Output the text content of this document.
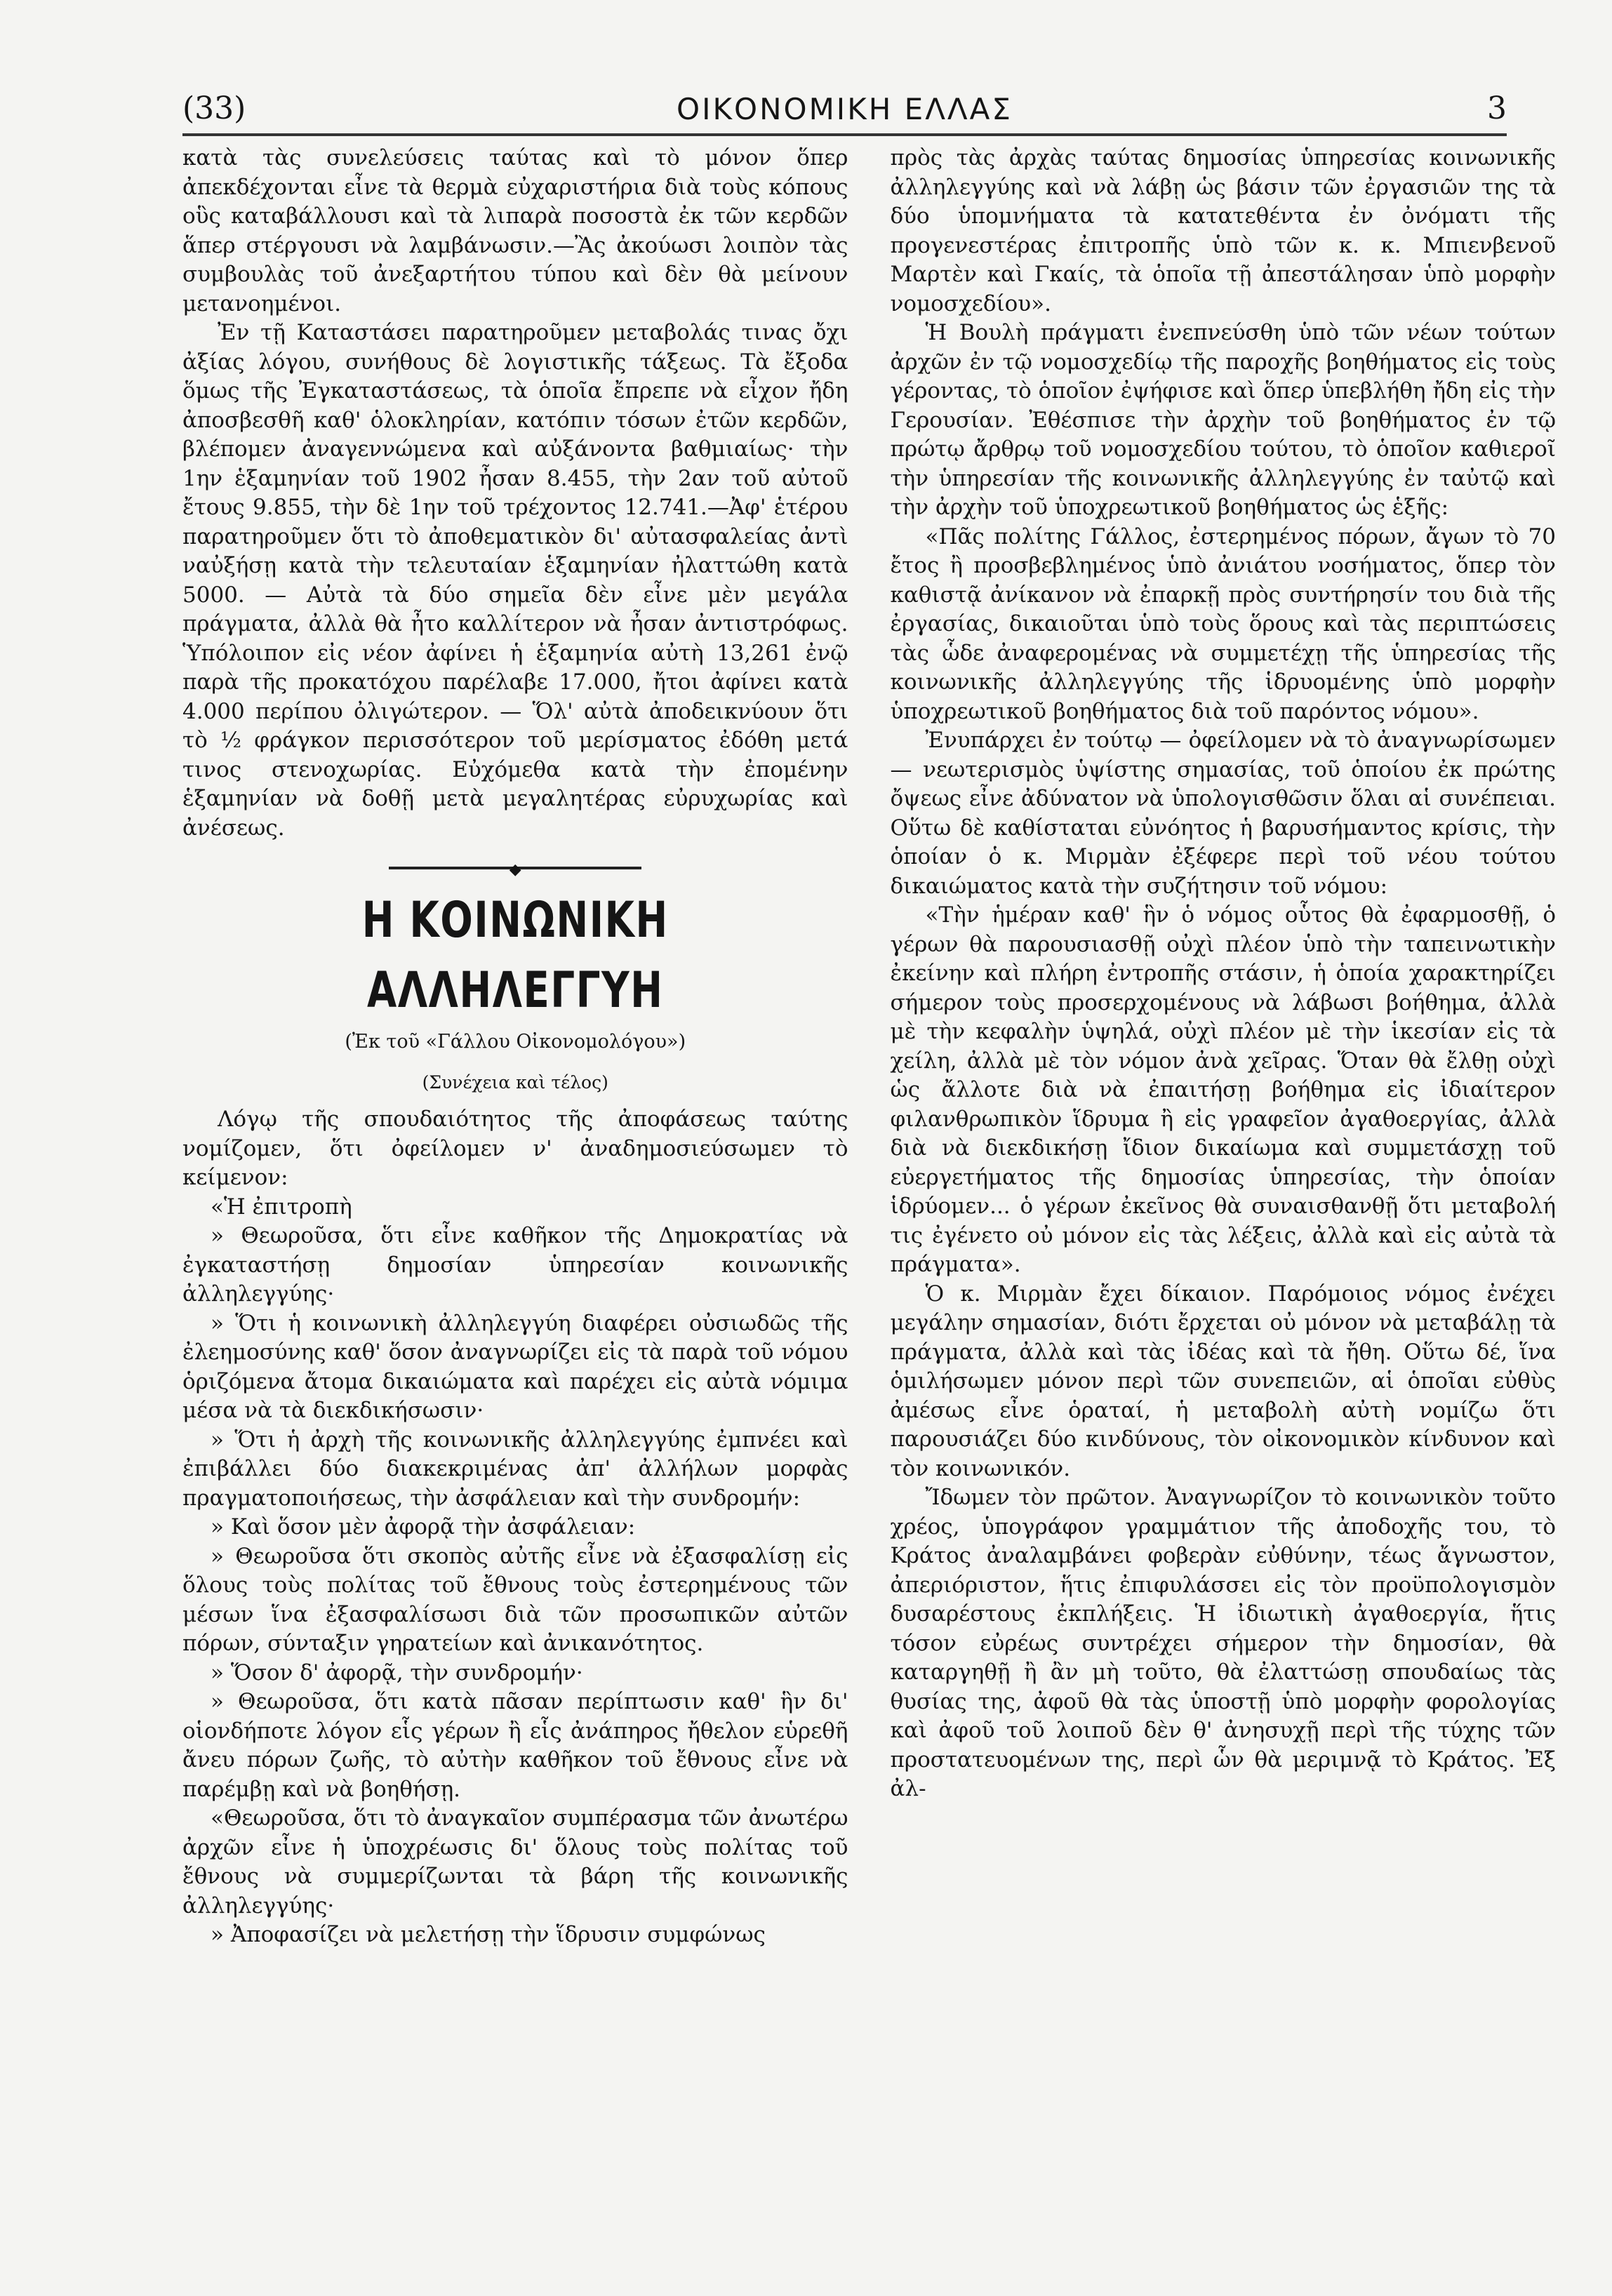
(33)	ΟΙΚΟΝΟΜΙΚΗ ΕΛΛΑΣ	3

κατὰ τὰς συνελεύσεις ταύτας καὶ τὸ μόνον ὅπερ ἀπεκδέχονται εἶνε τὰ θερμὰ εὐχαριστήρια διὰ τοὺς κόπους οὓς καταβάλλουσι καὶ τὰ λιπαρὰ ποσοστὰ ἐκ τῶν κερδῶν ἅπερ στέργουσι νὰ λαμβάνωσιν.—Ἂς ἀκούωσι λοιπὸν τὰς συμβουλὰς τοῦ ἀνεξαρτήτου τύπου καὶ δὲν θὰ μείνουν μετανοημένοι.

Ἐν τῇ Καταστάσει παρατηροῦμεν μεταβολάς τινας ὄχι ἀξίας λόγου, συνήθους δὲ λογιστικῆς τάξεως. Τὰ ἔξοδα ὅμως τῆς Ἐγκαταστάσεως, τὰ ὁποῖα ἔπρεπε νὰ εἶχον ἤδη ἀποσβεσθῆ καθ' ὁλοκληρίαν, κατόπιν τόσων ἐτῶν κερδῶν, βλέπομεν ἀναγεννώμενα καὶ αὐξάνοντα βαθμιαίως· τὴν 1ην ἑξαμηνίαν τοῦ 1902 ἦσαν 8.455, τὴν 2αν τοῦ αὐτοῦ ἔτους 9.855, τὴν δὲ 1ην τοῦ τρέχοντος 12.741.—Ἀφ' ἑτέρου παρατηροῦμεν ὅτι τὸ ἀποθεματικὸν δι' αὐτασφαλείας ἀντὶ ναὐξήσῃ κατὰ τὴν τελευταίαν ἑξαμηνίαν ἠλαττώθη κατὰ 5000. — Αὐτὰ τὰ δύο σημεῖα δὲν εἶνε μὲν μεγάλα πράγματα, ἀλλὰ θὰ ἦτο καλλίτερον νὰ ἦσαν ἀντιστρόφως. Ὑπόλοιπον εἰς νέον ἀφίνει ἡ ἑξαμηνία αὐτὴ 13,261 ἐνῷ παρὰ τῆς προκατόχου παρέλαβε 17.000, ἤτοι ἀφίνει κατὰ 4.000 περίπου ὀλιγώτερον. — Ὅλ' αὐτὰ ἀποδεικνύουν ὅτι τὸ ½ φράγκον περισσότερον τοῦ μερίσματος ἐδόθη μετά τινος στενοχωρίας. Εὐχόμεθα κατὰ τὴν ἐπομένην ἑξαμηνίαν νὰ δοθῇ μετὰ μεγαλητέρας εὐρυχωρίας καὶ ἀνέσεως.

◆
Η ΚΟΙΝΩΝΙΚΗ ΑΛΛΗΛΕΓΓΥΗ
(Ἐκ τοῦ «Γάλλου Οἰκονομολόγου»)
(Συνέχεια καὶ τέλος)

Λόγῳ τῆς σπουδαιότητος τῆς ἀποφάσεως ταύτης νομίζομεν, ὅτι ὀφείλομεν ν' ἀναδημοσιεύσωμεν τὸ κείμενον:

«Ἡ ἐπιτροπὴ

» Θεωροῦσα, ὅτι εἶνε καθῆκον τῆς Δημοκρατίας νὰ ἐγκαταστήσῃ δημοσίαν ὑπηρεσίαν κοινωνικῆς ἀλληλεγγύης·

» Ὅτι ἡ κοινωνικὴ ἀλληλεγγύη διαφέρει οὐσιωδῶς τῆς ἐλεημοσύνης καθ' ὅσον ἀναγνωρίζει εἰς τὰ παρὰ τοῦ νόμου ὁριζόμενα ἄτομα δικαιώματα καὶ παρέχει εἰς αὐτὰ νόμιμα μέσα νὰ τὰ διεκδικήσωσιν·

» Ὅτι ἡ ἀρχὴ τῆς κοινωνικῆς ἀλληλεγγύης ἐμπνέει καὶ ἐπιβάλλει δύο διακεκριμένας ἀπ' ἀλλήλων μορφὰς πραγματοποιήσεως, τὴν ἀσφάλειαν καὶ τὴν συνδρομήν:

» Καὶ ὅσον μὲν ἀφορᾷ τὴν ἀσφάλειαν:

» Θεωροῦσα ὅτι σκοπὸς αὐτῆς εἶνε νὰ ἐξασφαλίσῃ εἰς ὅλους τοὺς πολίτας τοῦ ἔθνους τοὺς ἐστερημένους τῶν μέσων ἵνα ἐξασφαλίσωσι διὰ τῶν προσωπικῶν αὐτῶν πόρων, σύνταξιν γηρατείων καὶ ἀνικανότητος.

» Ὅσον δ' ἀφορᾷ, τὴν συνδρομήν·

» Θεωροῦσα, ὅτι κατὰ πᾶσαν περίπτωσιν καθ' ἣν δι' οἱονδήποτε λόγον εἷς γέρων ἢ εἷς ἀνάπηρος ἤθελον εὑρεθῆ ἄνευ πόρων ζωῆς, τὸ αὐτὴν καθῆκον τοῦ ἔθνους εἶνε νὰ παρέμβῃ καὶ νὰ βοηθήσῃ.

«Θεωροῦσα, ὅτι τὸ ἀναγκαῖον συμπέρασμα τῶν ἀνωτέρω ἀρχῶν εἶνε ἡ ὑποχρέωσις δι' ὅλους τοὺς πολίτας τοῦ ἔθνους νὰ συμμερίζωνται τὰ βάρη τῆς κοινωνικῆς ἀλληλεγγύης·

» Ἀποφασίζει νὰ μελετήσῃ τὴν ἵδρυσιν συμφώνως

πρὸς τὰς ἀρχὰς ταύτας δημοσίας ὑπηρεσίας κοινωνικῆς ἀλληλεγγύης καὶ νὰ λάβῃ ὡς βάσιν τῶν ἐργασιῶν της τὰ δύο ὑπομνήματα τὰ κατατεθέντα ἐν ὀνόματι τῆς προγενεστέρας ἐπιτροπῆς ὑπὸ τῶν κ. κ. Μπιενβενοῦ Μαρτὲν καὶ Γκαίς, τὰ ὁποῖα τῇ ἀπεστάλησαν ὑπὸ μορφὴν νομοσχεδίου».

Ἡ Βουλὴ πράγματι ἐνεπνεύσθη ὑπὸ τῶν νέων τούτων ἀρχῶν ἐν τῷ νομοσχεδίῳ τῆς παροχῆς βοηθήματος εἰς τοὺς γέροντας, τὸ ὁποῖον ἐψήφισε καὶ ὅπερ ὑπεβλήθη ἤδη εἰς τὴν Γερουσίαν. Ἐθέσπισε τὴν ἀρχὴν τοῦ βοηθήματος ἐν τῷ πρώτῳ ἄρθρῳ τοῦ νομοσχεδίου τούτου, τὸ ὁποῖον καθιεροῖ τὴν ὑπηρεσίαν τῆς κοινωνικῆς ἀλληλεγγύης ἐν ταὐτῷ καὶ τὴν ἀρχὴν τοῦ ὑποχρεωτικοῦ βοηθήματος ὡς ἑξῆς:

«Πᾶς πολίτης Γάλλος, ἐστερημένος πόρων, ἄγων τὸ 70 ἔτος ἢ προσβεβλημένος ὑπὸ ἀνιάτου νοσήματος, ὅπερ τὸν καθιστᾷ ἀνίκανον νὰ ἐπαρκῇ πρὸς συντήρησίν του διὰ τῆς ἐργασίας, δικαιοῦται ὑπὸ τοὺς ὅρους καὶ τὰς περιπτώσεις τὰς ὧδε ἀναφερομένας νὰ συμμετέχῃ τῆς ὑπηρεσίας τῆς κοινωνικῆς ἀλληλεγγύης τῆς ἱδρυομένης ὑπὸ μορφὴν ὑποχρεωτικοῦ βοηθήματος διὰ τοῦ παρόντος νόμου».

Ἐνυπάρχει ἐν τούτῳ — ὀφείλομεν νὰ τὸ ἀναγνωρίσωμεν — νεωτερισμὸς ὑψίστης σημασίας, τοῦ ὁποίου ἐκ πρώτης ὄψεως εἶνε ἀδύνατον νὰ ὑπολογισθῶσιν ὅλαι αἱ συνέπειαι. Οὕτω δὲ καθίσταται εὐνόητος ἡ βαρυσήμαντος κρίσις, τὴν ὁποίαν ὁ κ. Μιρμὰν ἐξέφερε περὶ τοῦ νέου τούτου δικαιώματος κατὰ τὴν συζήτησιν τοῦ νόμου:

«Τὴν ἡμέραν καθ' ἣν ὁ νόμος οὗτος θὰ ἐφαρμοσθῇ, ὁ γέρων θὰ παρουσιασθῇ οὐχὶ πλέον ὑπὸ τὴν ταπεινωτικὴν ἐκείνην καὶ πλήρη ἐντροπῆς στάσιν, ἡ ὁποία χαρακτηρίζει σήμερον τοὺς προσερχομένους νὰ λάβωσι βοήθημα, ἀλλὰ μὲ τὴν κεφαλὴν ὑψηλά, οὐχὶ πλέον μὲ τὴν ἱκεσίαν εἰς τὰ χείλη, ἀλλὰ μὲ τὸν νόμον ἀνὰ χεῖρας. Ὅταν θὰ ἔλθῃ οὐχὶ ὡς ἄλλοτε διὰ νὰ ἐπαιτήσῃ βοήθημα εἰς ἰδιαίτερον φιλανθρωπικὸν ἵδρυμα ἢ εἰς γραφεῖον ἀγαθοεργίας, ἀλλὰ διὰ νὰ διεκδικήσῃ ἴδιον δικαίωμα καὶ συμμετάσχῃ τοῦ εὐεργετήματος τῆς δημοσίας ὑπηρεσίας, τὴν ὁποίαν ἱδρύομεν... ὁ γέρων ἐκεῖνος θὰ συναισθανθῇ ὅτι μεταβολή τις ἐγένετο οὐ μόνον εἰς τὰς λέξεις, ἀλλὰ καὶ εἰς αὐτὰ τὰ πράγματα».

Ὁ κ. Μιρμὰν ἔχει δίκαιον. Παρόμοιος νόμος ἐνέχει μεγάλην σημασίαν, διότι ἔρχεται οὐ μόνον νὰ μεταβάλῃ τὰ πράγματα, ἀλλὰ καὶ τὰς ἰδέας καὶ τὰ ἤθη. Οὕτω δέ, ἵνα ὁμιλήσωμεν μόνον περὶ τῶν συνεπειῶν, αἱ ὁποῖαι εὐθὺς ἀμέσως εἶνε ὁραταί, ἡ μεταβολὴ αὐτὴ νομίζω ὅτι παρουσιάζει δύο κινδύνους, τὸν οἰκονομικὸν κίνδυνον καὶ τὸν κοινωνικόν.

Ἴδωμεν τὸν πρῶτον. Ἀναγνωρίζον τὸ κοινωνικὸν τοῦτο χρέος, ὑπογράφον γραμμάτιον τῆς ἀποδοχῆς του, τὸ Κράτος ἀναλαμβάνει φοβερὰν εὐθύνην, τέως ἄγνωστον, ἀπεριόριστον, ἥτις ἐπιφυλάσσει εἰς τὸν προϋπολογισμὸν δυσαρέστους ἐκπλήξεις. Ἡ ἰδιωτικὴ ἀγαθοεργία, ἥτις τόσον εὐρέως συντρέχει σήμερον τὴν δημοσίαν, θὰ καταργηθῇ ἢ ἂν μὴ τοῦτο, θὰ ἐλαττώσῃ σπουδαίως τὰς θυσίας της, ἀφοῦ θὰ τὰς ὑποστῇ ὑπὸ μορφὴν φορολογίας καὶ ἀφοῦ τοῦ λοιποῦ δὲν θ' ἀνησυχῇ περὶ τῆς τύχης τῶν προστατευομένων της, περὶ ὧν θὰ μεριμνᾷ τὸ Κράτος. Ἐξ ἀλ-
